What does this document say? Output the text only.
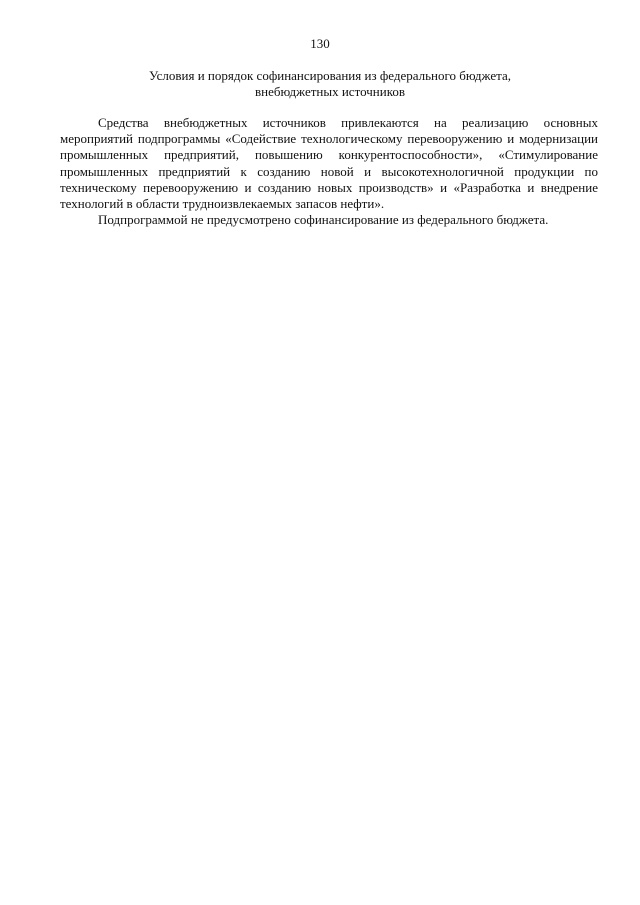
130
Условия и порядок софинансирования из федерального бюджета,
внебюджетных источников

Средства внебюджетных источников привлекаются на реализацию основных мероприятий подпрограммы «Содействие технологическому перевооружению и модернизации промышленных предприятий, повышению конкурентоспособности», «Стимулирование промышленных предприятий к созданию новой и высокотехнологичной продукции по техническому перевооружению и созданию новых производств» и «Разработка и внедрение технологий в области трудноизвлекаемых запасов нефти».

Подпрограммой не предусмотрено софинансирование из федерального бюджета.
